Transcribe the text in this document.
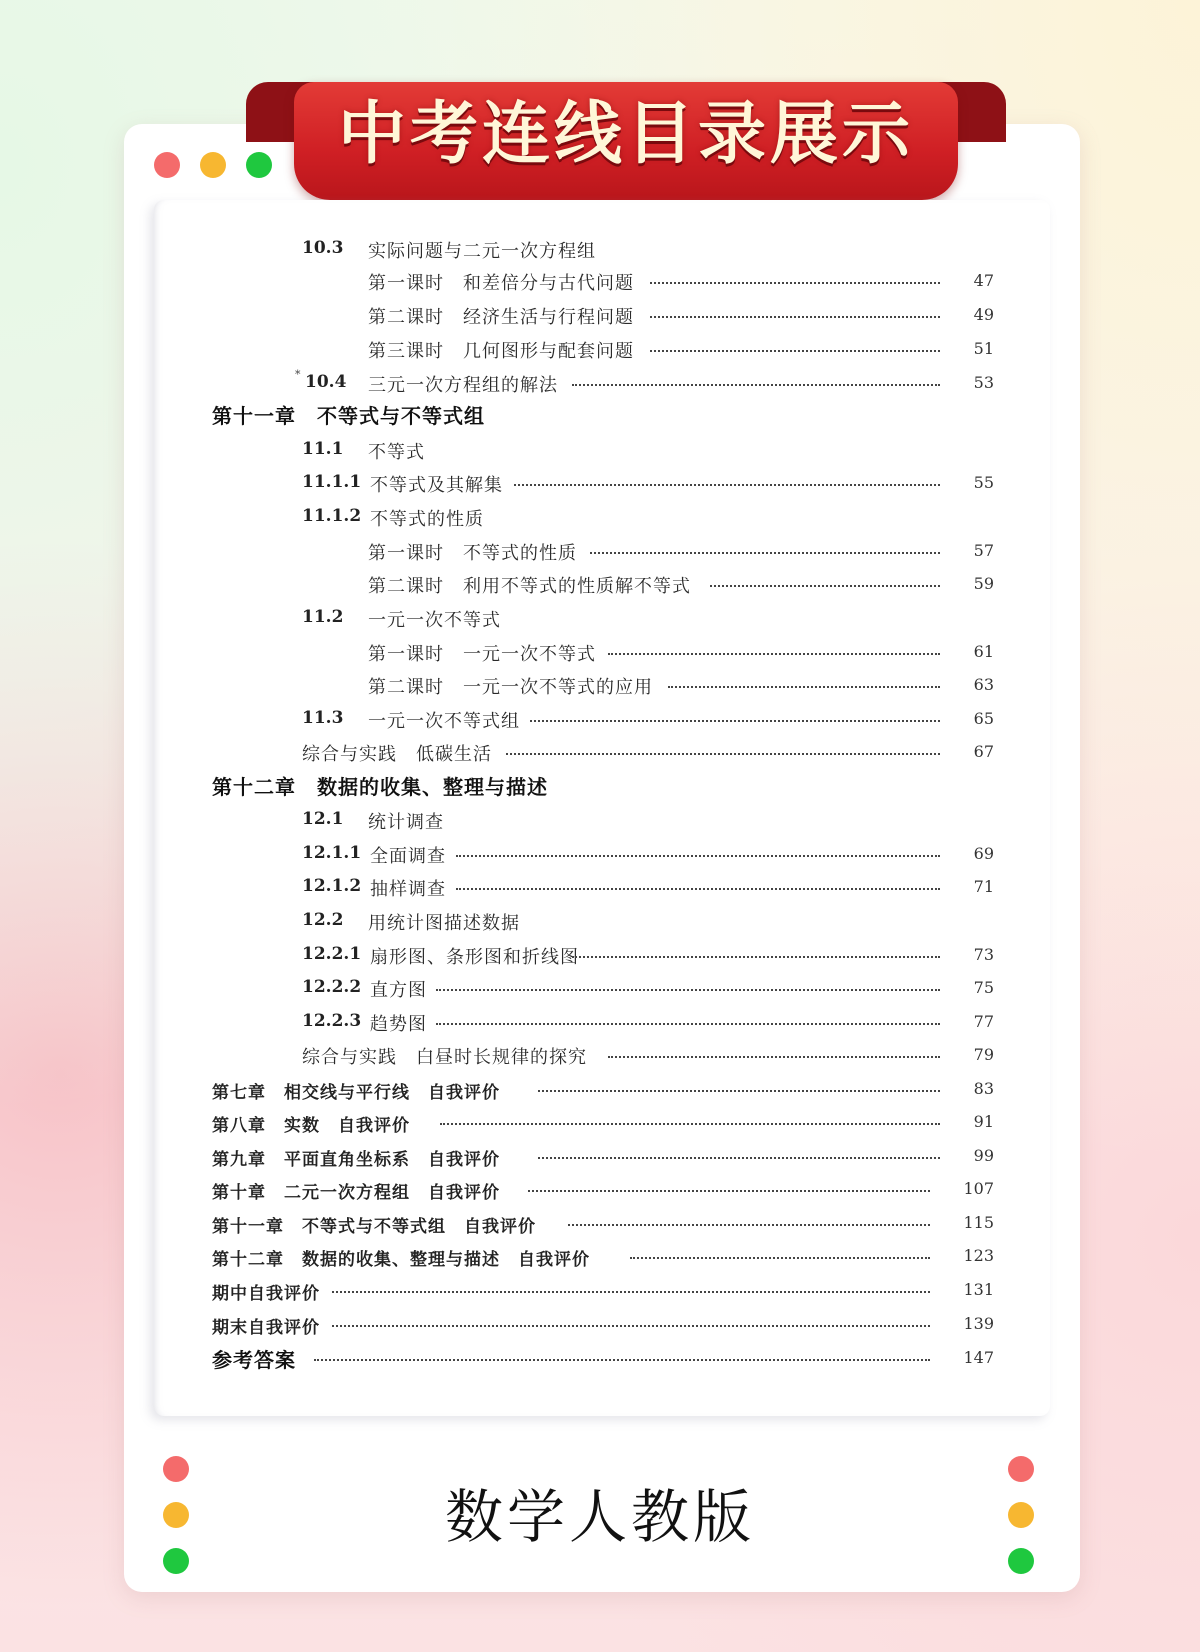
中考连线目录展示
10.3 实际问题与二元一次方程组
第一课时　和差倍分与古代问题	47
第二课时　经济生活与行程问题	49
第三课时　几何图形与配套问题	51
* 10.4 三元一次方程组的解法	53
第十一章　不等式与不等式组
11.1 不等式
11.1.1 不等式及其解集	55
11.1.2 不等式的性质
第一课时　不等式的性质	57
第二课时　利用不等式的性质解不等式	59
11.2 一元一次不等式
第一课时　一元一次不等式	61
第二课时　一元一次不等式的应用	63
11.3 一元一次不等式组	65
综合与实践　低碳生活	67
第十二章　数据的收集、整理与描述
12.1 统计调查
12.1.1 全面调查	69
12.1.2 抽样调查	71
12.2 用统计图描述数据
12.2.1 扇形图、条形图和折线图	73
12.2.2 直方图	75
12.2.3 趋势图	77
综合与实践　白昼时长规律的探究	79
第七章　相交线与平行线　自我评价	83
第八章　实数　自我评价	91
第九章　平面直角坐标系　自我评价	99
第十章　二元一次方程组　自我评价	107
第十一章　不等式与不等式组　自我评价	115
第十二章　数据的收集、整理与描述　自我评价	123
期中自我评价	131
期末自我评价	139
参考答案	147
数学人教版
